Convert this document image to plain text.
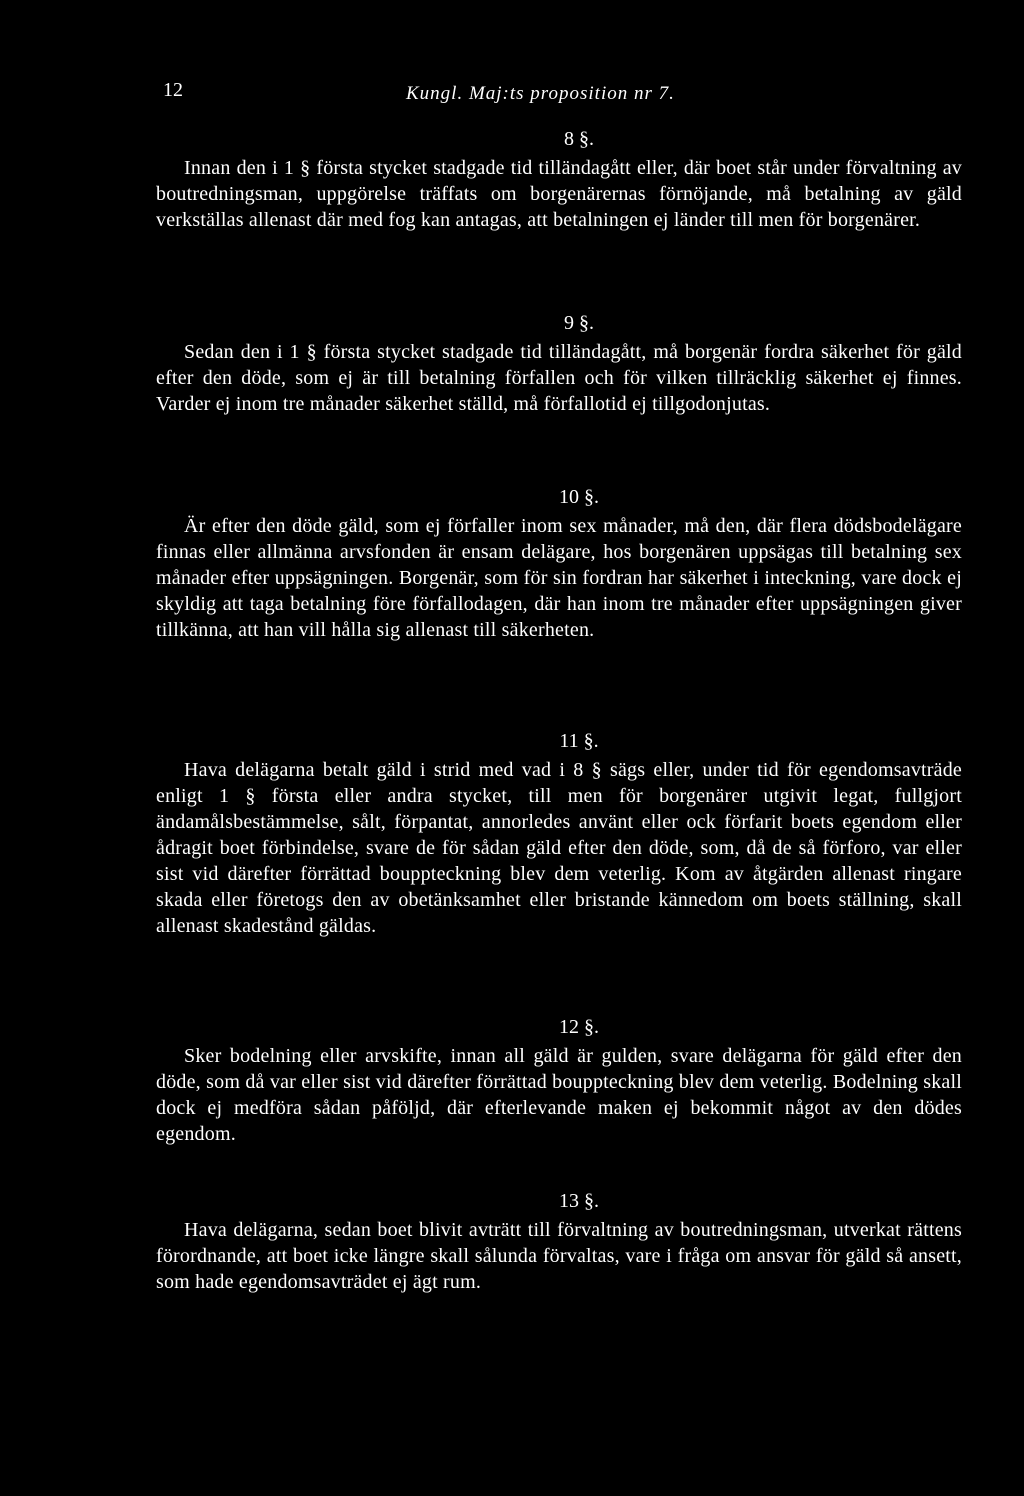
12	Kungl. Maj:ts proposition nr 7.
8 §.

Innan den i 1 § första stycket stadgade tid tilländagått eller, där boet står under förvaltning av boutredningsman, uppgörelse träffats om borgenärernas förnöjande, må betalning av gäld verkställas allenast där med fog kan antagas, att betalningen ej länder till men för borgenärer.

9 §.

Sedan den i 1 § första stycket stadgade tid tilländagått, må borgenär fordra säkerhet för gäld efter den döde, som ej är till betalning förfallen och för vilken tillräcklig säkerhet ej finnes. Varder ej inom tre månader säkerhet ställd, må förfallotid ej tillgodonjutas.

10 §.

Är efter den döde gäld, som ej förfaller inom sex månader, må den, där flera dödsbodelägare finnas eller allmänna arvsfonden är ensam delägare, hos borgenären uppsägas till betalning sex månader efter uppsägningen. Borgenär, som för sin fordran har säkerhet i inteckning, vare dock ej skyldig att taga betalning före förfallodagen, där han inom tre månader efter uppsägningen giver tillkänna, att han vill hålla sig allenast till säkerheten.

11 §.

Hava delägarna betalt gäld i strid med vad i 8 § sägs eller, under tid för egendomsavträde enligt 1 § första eller andra stycket, till men för borgenärer utgivit legat, fullgjort ändamålsbestämmelse, sålt, förpantat, annorledes använt eller ock förfarit boets egendom eller ådragit boet förbindelse, svare de för sådan gäld efter den döde, som, då de så förforo, var eller sist vid därefter förrättad bouppteckning blev dem veterlig. Kom av åtgärden allenast ringare skada eller företogs den av obetänksamhet eller bristande kännedom om boets ställning, skall allenast skadestånd gäldas.

12 §.

Sker bodelning eller arvskifte, innan all gäld är gulden, svare delägarna för gäld efter den döde, som då var eller sist vid därefter förrättad bouppteckning blev dem veterlig. Bodelning skall dock ej medföra sådan påföljd, där efterlevande maken ej bekommit något av den dödes egendom.

13 §.

Hava delägarna, sedan boet blivit avträtt till förvaltning av boutredningsman, utverkat rättens förordnande, att boet icke längre skall sålunda förvaltas, vare i fråga om ansvar för gäld så ansett, som hade egendomsavträdet ej ägt rum.
